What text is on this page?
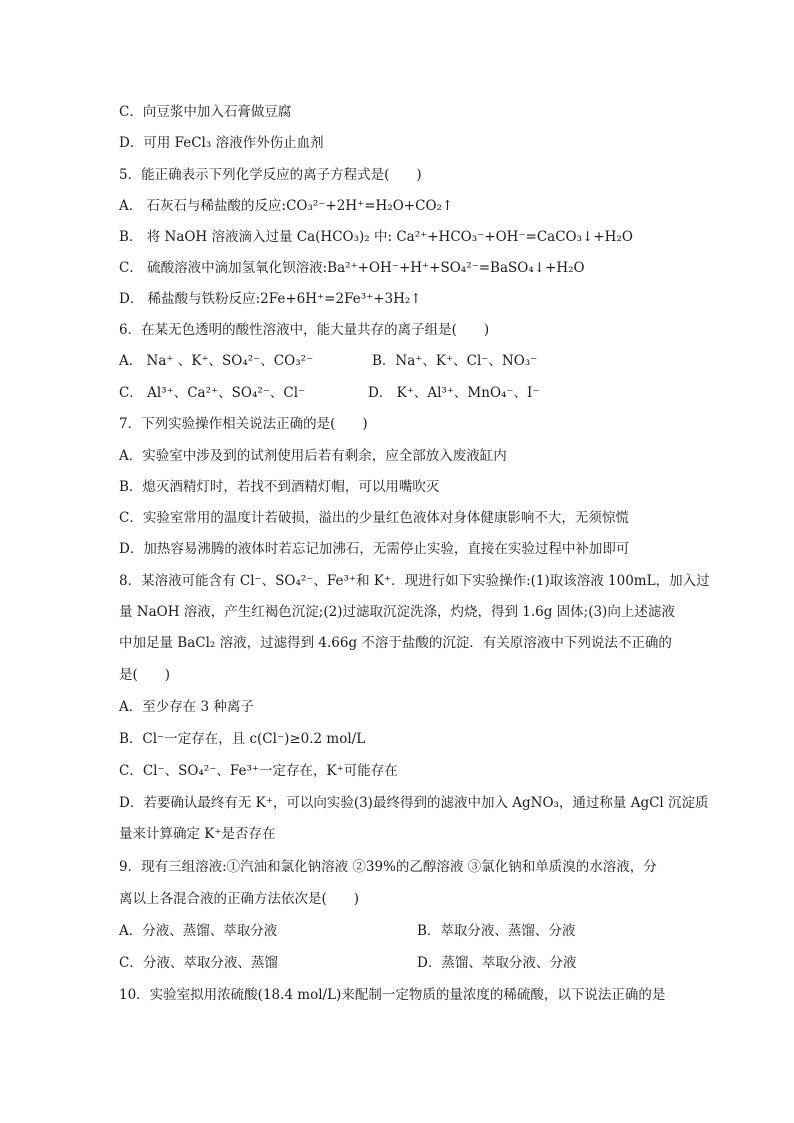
C．向豆浆中加入石膏做豆腐
D．可用 FeCl₃ 溶液作外伤止血剂
5．能正确表示下列化学反应的离子方程式是(　　)
A． 石灰石与稀盐酸的反应:CO₃²⁻+2H⁺=H₂O+CO₂↑
B． 将 NaOH 溶液滴入过量 Ca(HCO₃)₂ 中: Ca²⁺+HCO₃⁻+OH⁻=CaCO₃↓+H₂O
C． 硫酸溶液中滴加氢氧化钡溶液:Ba²⁺+OH⁻+H⁺+SO₄²⁻=BaSO₄↓+H₂O
D． 稀盐酸与铁粉反应:2Fe+6H⁺=2Fe³⁺+3H₂↑
6．在某无色透明的酸性溶液中，能大量共存的离子组是(　　)
A． Na⁺ 、K⁺、SO₄²⁻、CO₃²⁻	B．Na⁺、K⁺、Cl⁻、NO₃⁻
C． Al³⁺、Ca²⁺、SO₄²⁻、Cl⁻	D． K⁺、Al³⁺、MnO₄⁻、I⁻
7．下列实验操作相关说法正确的是(　　)
A．实验室中涉及到的试剂使用后若有剩余，应全部放入废液缸内
B．熄灭酒精灯时，若找不到酒精灯帽，可以用嘴吹灭
C．实验室常用的温度计若破损，溢出的少量红色液体对身体健康影响不大，无须惊慌
D．加热容易沸腾的液体时若忘记加沸石，无需停止实验，直接在实验过程中补加即可
8．某溶液可能含有 Cl⁻、SO₄²⁻、Fe³⁺和 K⁺．现进行如下实验操作:(1)取该溶液 100mL，加入过
量 NaOH 溶液，产生红褐色沉淀;(2)过滤取沉淀洗涤，灼烧，得到 1.6g 固体;(3)向上述滤液
中加足量 BaCl₂ 溶液，过滤得到 4.66g 不溶于盐酸的沉淀．有关原溶液中下列说法不正确的
是(　　)
A．至少存在 3 种离子
B．Cl⁻一定存在，且 c(Cl⁻)≥0.2 mol/L
C．Cl⁻、SO₄²⁻、Fe³⁺一定存在，K⁺可能存在
D．若要确认最终有无 K⁺，可以向实验(3)最终得到的滤液中加入 AgNO₃，通过称量 AgCl 沉淀质
量来计算确定 K⁺是否存在
9．现有三组溶液:①汽油和氯化钠溶液 ②39%的乙醇溶液 ③氯化钠和单质溴的水溶液，分
离以上各混合液的正确方法依次是(　　)
A．分液、蒸馏、萃取分液	B．萃取分液、蒸馏、分液
C．分液、萃取分液、蒸馏	D．蒸馏、萃取分液、分液
10．实验室拟用浓硫酸(18.4 mol/L)来配制一定物质的量浓度的稀硫酸，以下说法正确的是
